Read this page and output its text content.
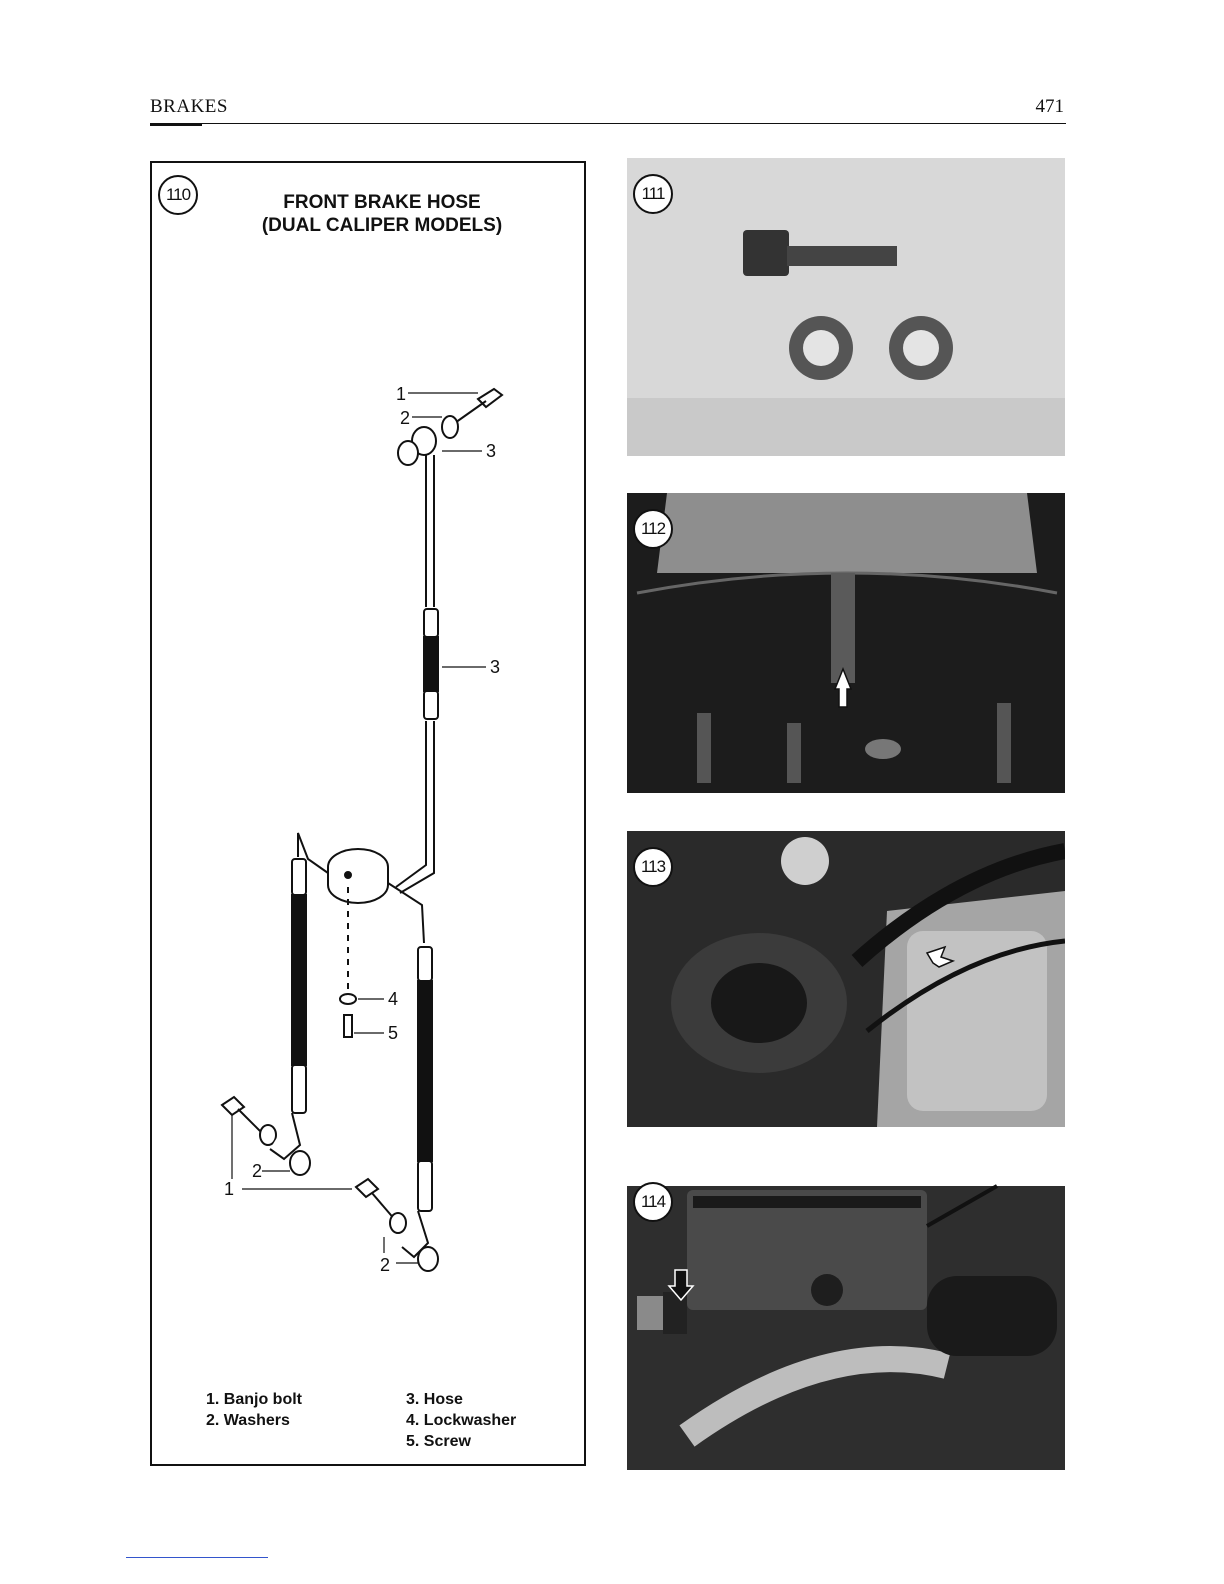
BRAKES	471
1
2
3
3
4
5
2
1
2
110	FRONT BRAKE HOSE
(DUAL CALIPER MODELS)
1. Banjo bolt
2. Washers
3. Hose
4. Lockwasher
5. Screw
111
112
113
114
